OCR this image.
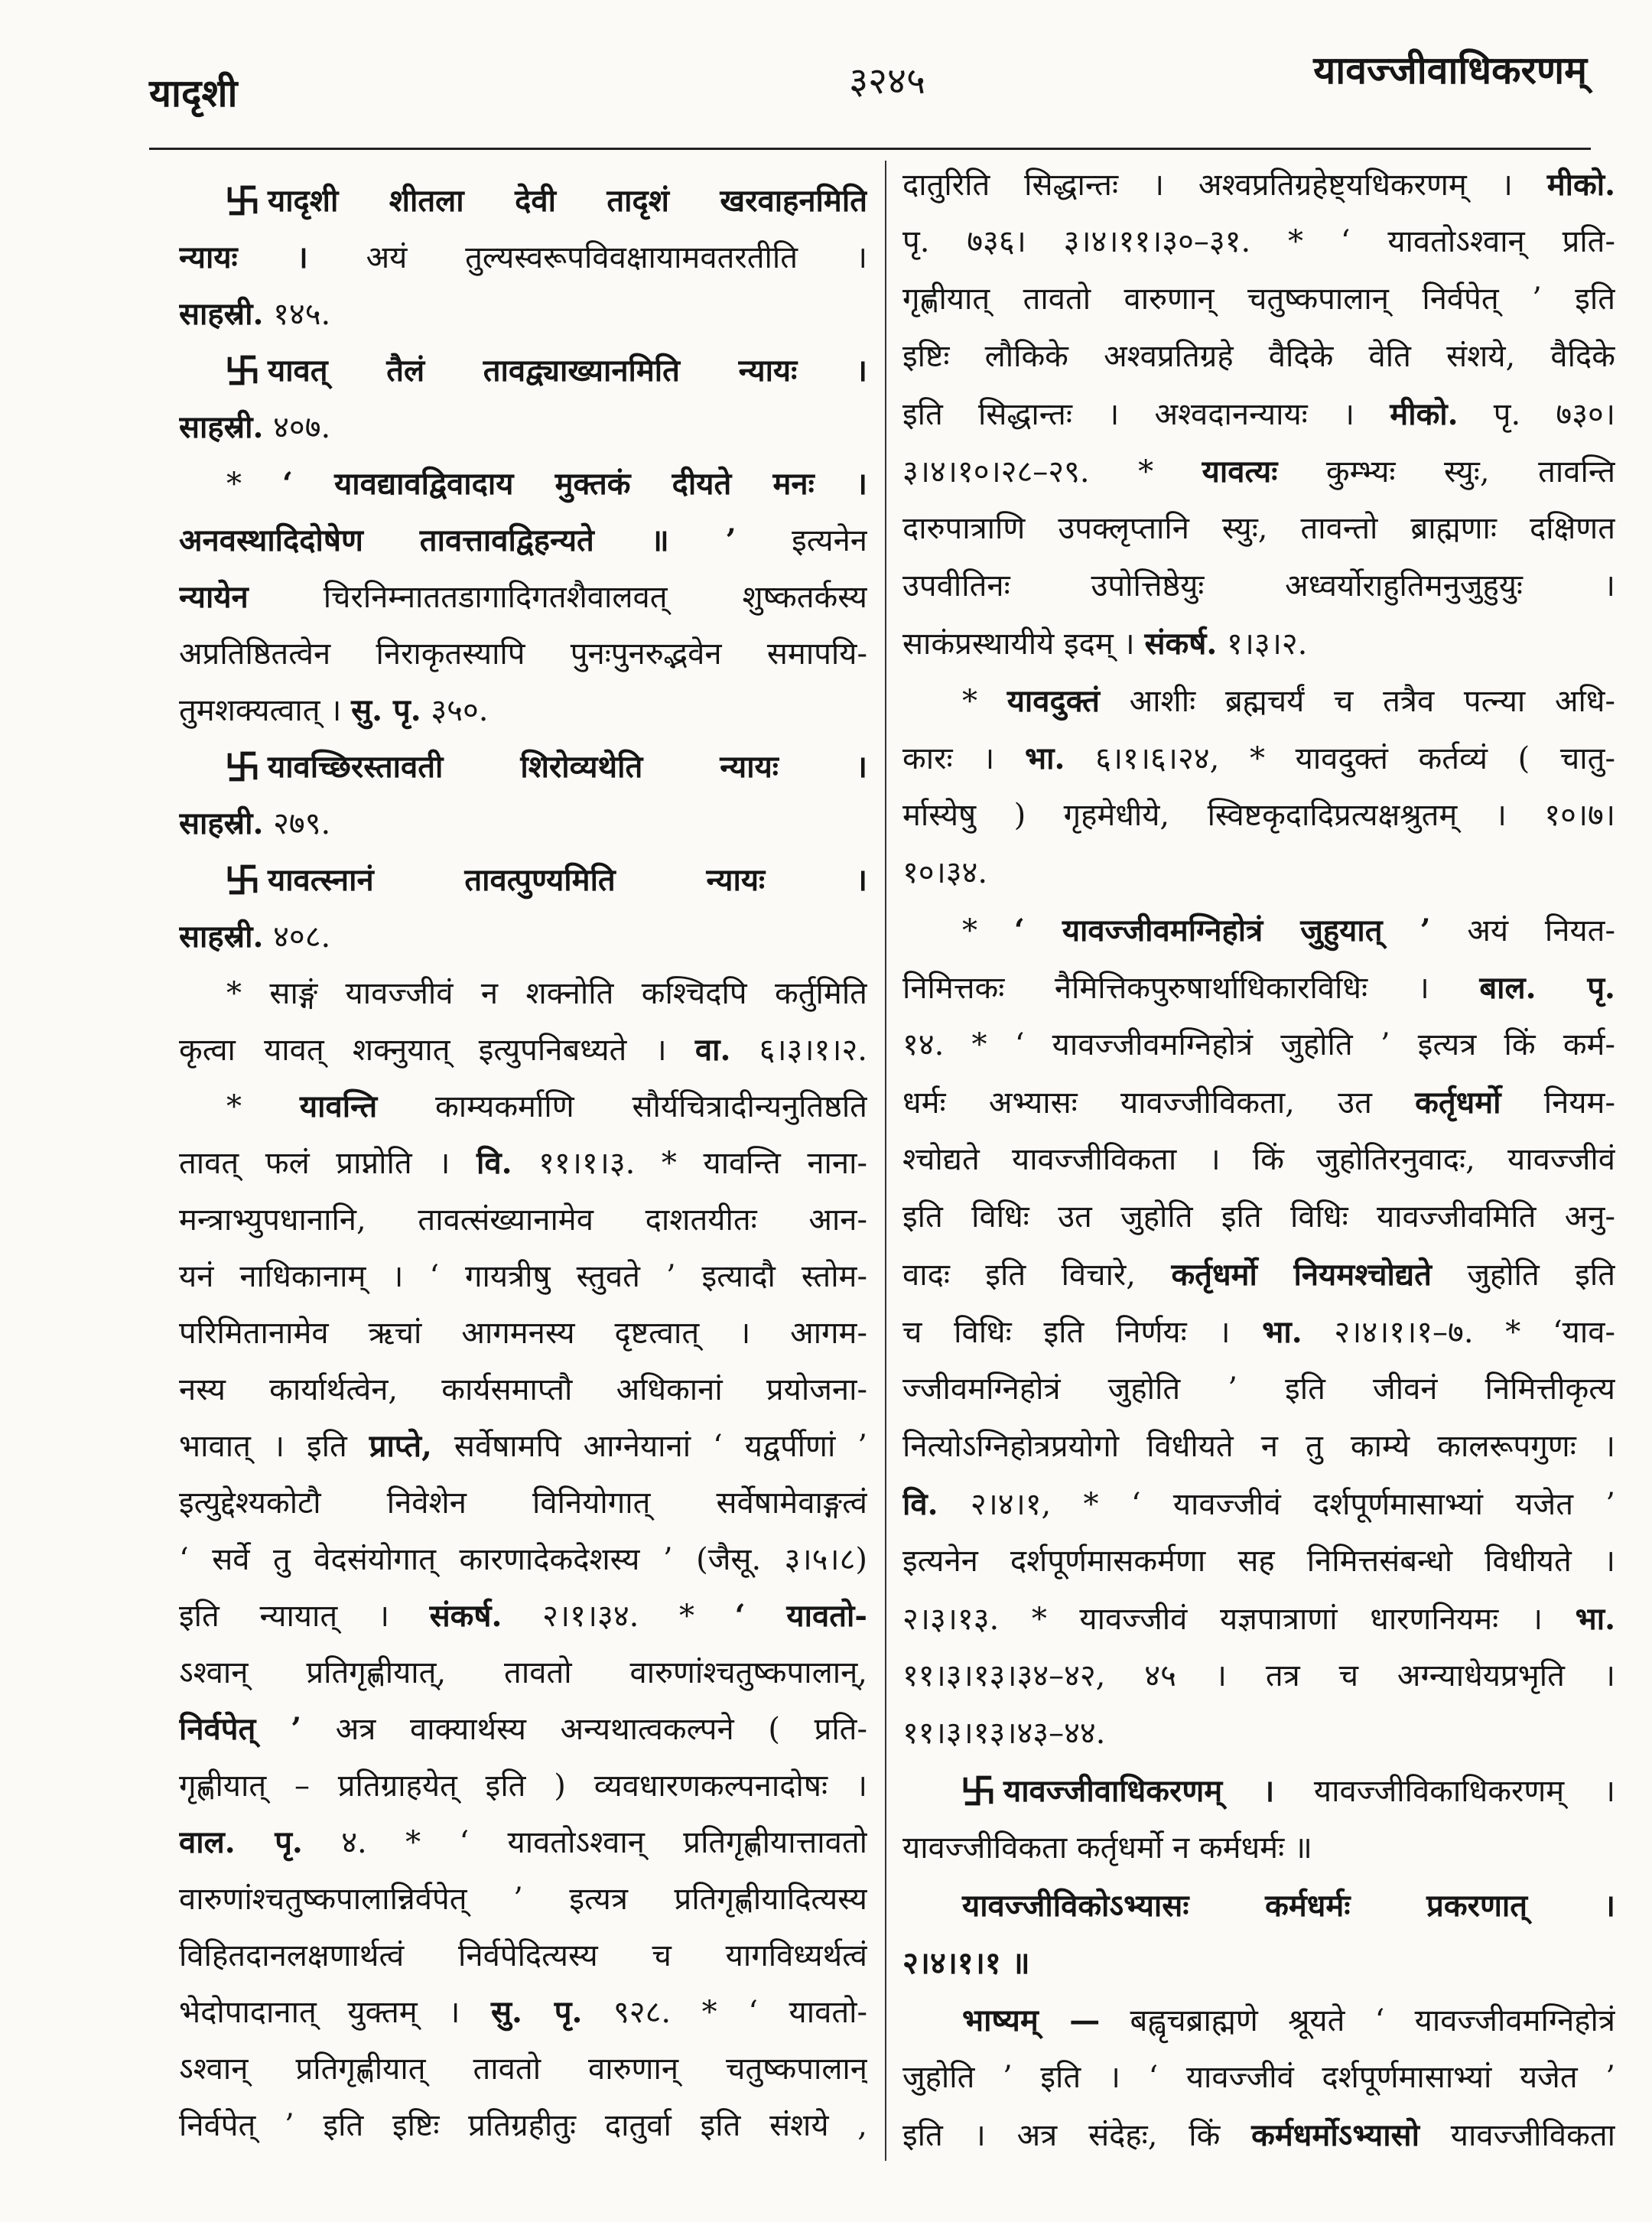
यादृशी	३२४५	यावज्जीवाधिकरणम्
यादृशी शीतला देवी तादृशं खरवाहनमिति
न्यायः । अयं तुल्यस्वरूपविवक्षायामवतरतीति ।
साहस्री. १४५.
यावत् तैलं तावद्व्याख्यानमिति न्यायः ।
साहस्री. ४०७.
* ‘ यावद्यावद्विवादाय मुक्तकं दीयते मनः ।
अनवस्थादिदोषेण तावत्तावद्विहन्यते ॥ ’ इत्यनेन
न्यायेन चिरनिम्नाततडागादिगतशैवालवत् शुष्कतर्कस्य
अप्रतिष्ठितत्वेन निराकृतस्यापि पुनःपुनरुद्भवेन समापयि-
तुमशक्यत्वात् । सु. पृ. ३५०.
यावच्छिरस्तावती शिरोव्यथेति न्यायः ।
साहस्री. २७९.
यावत्स्नानं तावत्पुण्यमिति न्यायः ।
साहस्री. ४०८.
* साङ्गं यावज्जीवं न शक्नोति कश्चिदपि कर्तुमिति
कृत्वा यावत् शक्नुयात् इत्युपनिबध्यते । वा. ६।३।१।२.
* यावन्ति काम्यकर्माणि सौर्यचित्रादीन्यनुतिष्ठति
तावत् फलं प्राप्नोति । वि. ११।१।३. * यावन्ति नाना-
मन्त्राभ्युपधानानि, तावत्संख्यानामेव दाशतयीतः आन-
यनं नाधिकानाम् । ‘ गायत्रीषु स्तुवते ’ इत्यादौ स्तोम-
परिमितानामेव ऋचां आगमनस्य दृष्टत्वात् । आगम-
नस्य कार्यार्थत्वेन, कार्यसमाप्तौ अधिकानां प्रयोजना-
भावात् । इति प्राप्ते, सर्वेषामपि आग्नेयानां ‘ यद्वर्पीणां ’
इत्युद्देश्यकोटौ निवेशेन विनियोगात् सर्वेषामेवाङ्गत्वं
‘ सर्वे तु वेदसंयोगात् कारणादेकदेशस्य ’ (जैसू. ३।५।८)
इति न्यायात् । संकर्ष. २।१।३४. * ‘ यावतो-
ऽश्वान् प्रतिगृह्णीयात्, तावतो वारुणांश्चतुष्कपालान्,
निर्वपेत् ’ अत्र वाक्यार्थस्य अन्यथात्वकल्पने ( प्रति-
गृह्णीयात् – प्रतिग्राहयेत् इति ) व्यवधारणकल्पनादोषः ।
वाल. पृ. ४. * ‘ यावतोऽश्वान् प्रतिगृह्णीयात्तावतो
वारुणांश्चतुष्कपालान्निर्वपेत् ’ इत्यत्र प्रतिगृह्णीयादित्यस्य
विहितदानलक्षणार्थत्वं निर्वपेदित्यस्य च यागविध्यर्थत्वं
भेदोपादानात् युक्तम् । सु. पृ. ९२८. * ‘ यावतो-
ऽश्वान् प्रतिगृह्णीयात् तावतो वारुणान् चतुष्कपालान्
निर्वपेत् ’ इति इष्टिः प्रतिग्रहीतुः दातुर्वा इति संशये ,
दातुरिति सिद्धान्तः । अश्वप्रतिग्रहेष्ट्यधिकरणम् । मीको.
पृ. ७३६। ३।४।११।३०–३१. * ‘ यावतोऽश्वान् प्रति-
गृह्णीयात् तावतो वारुणान् चतुष्कपालान् निर्वपेत् ’ इति
इष्टिः लौकिके अश्वप्रतिग्रहे वैदिके वेति संशये, वैदिके
इति सिद्धान्तः । अश्वदानन्यायः । मीको. पृ. ७३०।
३।४।१०।२८–२९. * यावत्यः कुम्भ्यः स्युः, तावन्ति
दारुपात्राणि उपक्लृप्तानि स्युः, तावन्तो ब्राह्मणाः दक्षिणत
उपवीतिनः उपोत्तिष्ठेयुः अध्वर्योराहुतिमनुजुहुयुः ।
साकंप्रस्थायीये इदम् । संकर्ष. १।३।२.
* यावदुक्तं आशीः ब्रह्मचर्यं च तत्रैव पत्न्या अधि-
कारः । भा. ६।१।६।२४, * यावदुक्तं कर्तव्यं ( चातु-
र्मास्येषु ) गृहमेधीये, स्विष्टकृदादिप्रत्यक्षश्रुतम् । १०।७।
१०।३४.
* ‘ यावज्जीवमग्निहोत्रं जुहुयात् ’ अयं नियत-
निमित्तकः नैमित्तिकपुरुषार्थाधिकारविधिः । बाल. पृ.
१४. * ‘ यावज्जीवमग्निहोत्रं जुहोति ’ इत्यत्र किं कर्म-
धर्मः अभ्यासः यावज्जीविकता, उत कर्तृधर्मो नियम-
श्चोद्यते यावज्जीविकता । किं जुहोतिरनुवादः, यावज्जीवं
इति विधिः उत जुहोति इति विधिः यावज्जीवमिति अनु-
वादः इति विचारे, कर्तृधर्मो नियमश्चोद्यते जुहोति इति
च विधिः इति निर्णयः । भा. २।४।१।१–७. * ‘याव-
ज्जीवमग्निहोत्रं जुहोति ’ इति जीवनं निमित्तीकृत्य
नित्योऽग्निहोत्रप्रयोगो विधीयते न तु काम्ये कालरूपगुणः ।
वि. २।४।१, * ‘ यावज्जीवं दर्शपूर्णमासाभ्यां यजेत ’
इत्यनेन दर्शपूर्णमासकर्मणा सह निमित्तसंबन्धो विधीयते ।
२।३।१३. * यावज्जीवं यज्ञपात्राणां धारणनियमः । भा.
११।३।१३।३४–४२, ४५ । तत्र च अग्न्याधेयप्रभृति ।
११।३।१३।४३–४४.
यावज्जीवाधिकरणम् । यावज्जीविकाधिकरणम् ।
यावज्जीविकता कर्तृधर्मो न कर्मधर्मः ॥
यावज्जीविकोऽभ्यासः कर्मधर्मः प्रकरणात् ।
२।४।१।१ ॥
भाष्यम् — बह्वृचब्राह्मणे श्रूयते ‘ यावज्जीवमग्निहोत्रं
जुहोति ’ इति । ‘ यावज्जीवं दर्शपूर्णमासाभ्यां यजेत ’
इति । अत्र संदेहः, किं कर्मधर्मोऽभ्यासो यावज्जीविकता
